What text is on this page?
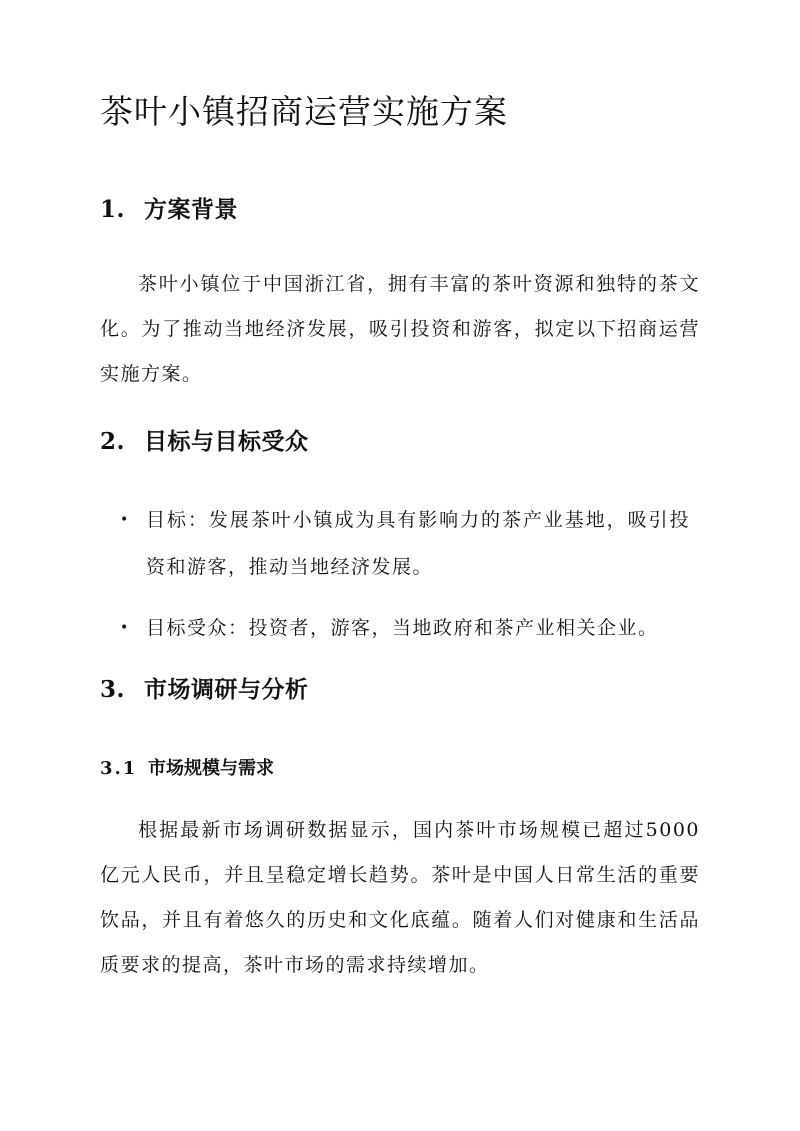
茶叶小镇招商运营实施方案
1. 方案背景

茶叶小镇位于中国浙江省，拥有丰富的茶叶资源和独特的茶文化。为了推动当地经济发展，吸引投资和游客，拟定以下招商运营实施方案。

2. 目标与目标受众
• 目标：发展茶叶小镇成为具有影响力的茶产业基地，吸引投资和游客，推动当地经济发展。
• 目标受众：投资者，游客，当地政府和茶产业相关企业。
3. 市场调研与分析
3.1 市场规模与需求

根据最新市场调研数据显示，国内茶叶市场规模已超过5000亿元人民币，并且呈稳定增长趋势。茶叶是中国人日常生活的重要饮品，并且有着悠久的历史和文化底蕴。随着人们对健康和生活品质要求的提高，茶叶市场的需求持续增加。
